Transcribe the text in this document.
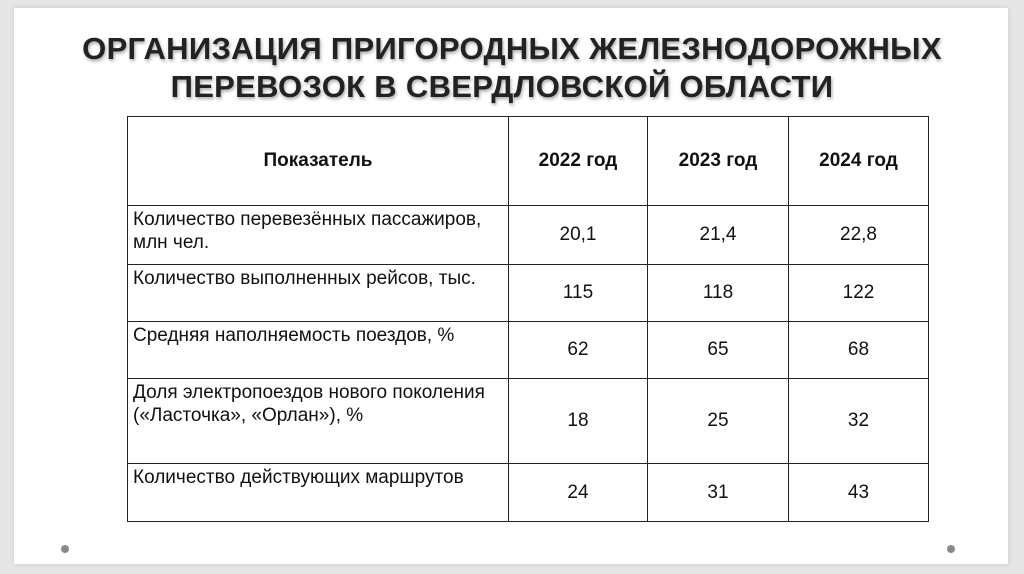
ОРГАНИЗАЦИЯ ПРИГОРОДНЫХ ЖЕЛЕЗНОДОРОЖНЫХ
ПЕРЕВОЗОК В СВЕРДЛОВСКОЙ ОБЛАСТИ
Показатель	2022 год	2023 год	2024 год
Количество перевезённых пассажиров, млн чел.	20,1	21,4	22,8
Количество выполненных рейсов, тыс.	115	118	122
Средняя наполняемость поездов, %	62	65	68
Доля электропоездов нового поколения («Ласточка», «Орлан»), %	18	25	32
Количество действующих маршрутов	24	31	43
